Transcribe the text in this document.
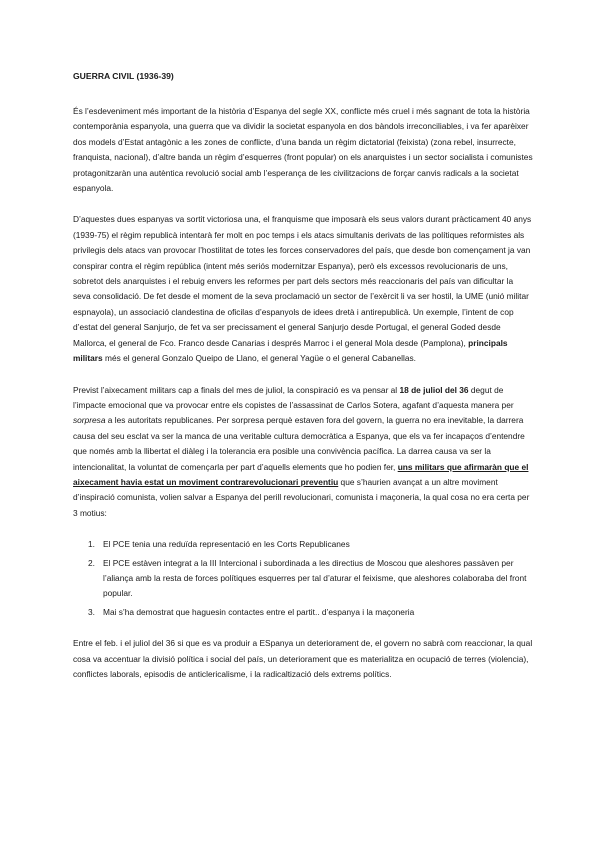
GUERRA CIVIL (1936-39)

És l’esdeveniment més important de la història d’Espanya del segle XX, conflicte més cruel i més sagnant de tota la història contemporània espanyola, una guerra que va dividir la societat espanyola en dos bàndols irreconciliables, i va fer aparèixer dos models d’Estat antagònic a les zones de conflicte, d’una banda un règim dictatorial (feixista) (zona rebel, insurrecte, franquista, nacional), d’altre banda un règim d’esquerres (front popular) on els anarquistes i un sector socialista i comunistes protagonitzaràn una autèntica revolució social amb l’esperança de les civilitzacions de forçar canvis radicals a la societat espanyola.

D’aquestes dues espanyas va sortit victoriosa una, el franquisme que imposarà els seus valors durant pràcticament 40 anys (1939-75) el règim republicà intentarà fer molt en poc temps i els atacs simultanis derivats de las polítiques reformistes als privilegis dels atacs van provocar l’hostilitat de totes les forces conservadores del país, que desde bon començament ja van conspirar contra el règim república (intent més seriós modernitzar Espanya), però els excessos revolucionaris de uns, sobretot dels anarquistes i el rebuig envers les reformes per part dels sectors més reaccionaris del país van dificultar la seva consolidació. De fet desde el moment de la seva proclamació un sector de l’exèrcit li va ser hostil, la UME (unió militar espnayola), un associació clandestina de oficilas d’espanyols de idees dretà i antirepublicà. Un exemple, l’intent de cop d’estat del general Sanjurjo, de fet va ser precissament el general Sanjurjo desde Portugal, el general Goded desde Mallorca, el general de Fco. Franco desde Canarias i després Marroc i el general Mola desde (Pamplona), principals militars més el general Gonzalo Queipo de Llano, el general Yagüe o el general Cabanellas.

Previst l’aixecament militars cap a finals del mes de juliol, la conspiració es va pensar al 18 de juliol del 36 degut de l’impacte emocional que va provocar entre els copistes de l’assassinat de Carlos Sotera, agafant d’aquesta manera per sorpresa a les autoritats republicanes. Per sorpresa perquè estaven fora del govern, la guerra no era inevitable, la darrera causa del seu esclat va ser la manca de una veritable cultura democràtica a Espanya, que els va fer incapaços d’entendre que només amb la llibertat el diàleg i la tolerancia era posible una convivència pacífica. La darrea causa va ser la intencionalitat, la voluntat de començarla per part d’aquells elements que ho podien fer, uns militars que afirmaràn que el aixecament havia estat un moviment contrarevolucionari preventiu que s’haurien avançat a un altre moviment d’inspiració comunista, volien salvar a Espanya del perill revolucionari, comunista i maçoneria, la qual cosa no era certa per 3 motius:

1. El PCE tenia una reduïda representació en les Corts Republicanes
2. El PCE estàven integrat a la III Intercional i subordinada a les directius de Moscou que aleshores passàven per l’aliança amb la resta de forces polítiques esquerres per tal d’aturar el feixisme, que aleshores colaboraba del front popular.
3. Mai s’ha demostrat que haguesin contactes entre el partit.. d’espanya i la maçoneria

Entre el feb. i el juliol del 36 si que es va produir a ESpanya un deteriorament de, el govern no sabrà com reaccionar, la qual cosa va accentuar la divisió política i social del país, un deteriorament que es materialitza en ocupació de terres (violencia), conflictes laborals, episodis de anticlericalisme, i la radicaltizació dels extrems polítics.
